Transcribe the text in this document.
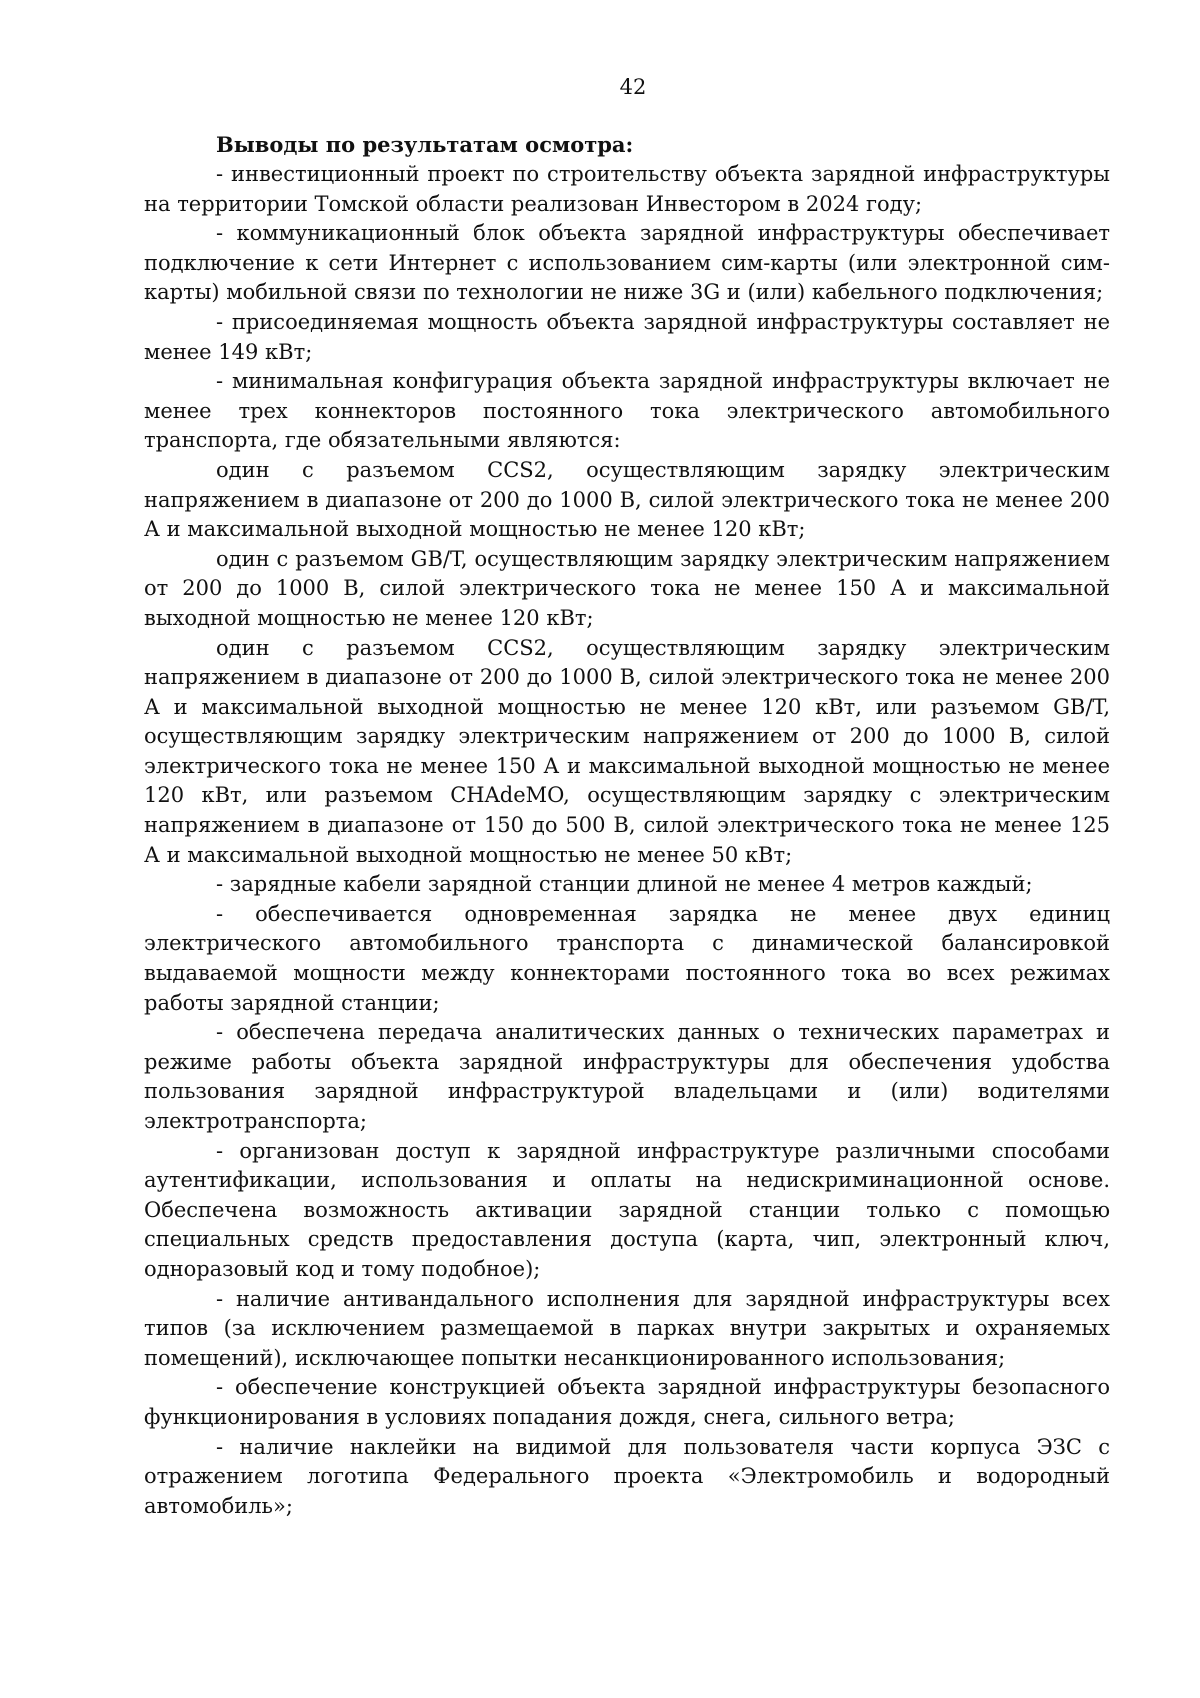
42

Выводы по результатам осмотра:

- инвестиционный проект по строительству объекта зарядной инфраструктуры на территории Томской области реализован Инвестором в 2024 году;

- коммуникационный блок объекта зарядной инфраструктуры обеспечивает подключение к сети Интернет с использованием сим-карты (или электронной сим-карты) мобильной связи по технологии не ниже 3G и (или) кабельного подключения;

- присоединяемая мощность объекта зарядной инфраструктуры составляет не менее 149 кВт;

- минимальная конфигурация объекта зарядной инфраструктуры включает не менее трех коннекторов постоянного тока электрического автомобильного транспорта, где обязательными являются:

один с разъемом CCS2, осуществляющим зарядку электрическим напряжением в диапазоне от 200 до 1000 В, силой электрического тока не менее 200 А и максимальной выходной мощностью не менее 120 кВт;

один с разъемом GB/T, осуществляющим зарядку электрическим напряжением от 200 до 1000 В, силой электрического тока не менее 150 А и максимальной выходной мощностью не менее 120 кВт;

один с разъемом CCS2, осуществляющим зарядку электрическим напряжением в диапазоне от 200 до 1000 В, силой электрического тока не менее 200 А и максимальной выходной мощностью не менее 120 кВт, или разъемом GB/T, осуществляющим зарядку электрическим напряжением от 200 до 1000 В, силой электрического тока не менее 150 А и максимальной выходной мощностью не менее 120 кВт, или разъемом CHAdeMO, осуществляющим зарядку с электрическим напряжением в диапазоне от 150 до 500 В, силой электрического тока не менее 125 А и максимальной выходной мощностью не менее 50 кВт;

- зарядные кабели зарядной станции длиной не менее 4 метров каждый;

- обеспечивается одновременная зарядка не менее двух единиц электрического автомобильного транспорта с динамической балансировкой выдаваемой мощности между коннекторами постоянного тока во всех режимах работы зарядной станции;

- обеспечена передача аналитических данных о технических параметрах и режиме работы объекта зарядной инфраструктуры для обеспечения удобства пользования зарядной инфраструктурой владельцами и (или) водителями электротранспорта;

- организован доступ к зарядной инфраструктуре различными способами аутентификации, использования и оплаты на недискриминационной основе. Обеспечена возможность активации зарядной станции только с помощью специальных средств предоставления доступа (карта, чип, электронный ключ, одноразовый код и тому подобное);

- наличие антивандального исполнения для зарядной инфраструктуры всех типов (за исключением размещаемой в парках внутри закрытых и охраняемых помещений), исключающее попытки несанкционированного использования;

- обеспечение конструкцией объекта зарядной инфраструктуры безопасного функционирования в условиях попадания дождя, снега, сильного ветра;

- наличие наклейки на видимой для пользователя части корпуса ЭЗС с отражением логотипа Федерального проекта «Электромобиль и водородный автомобиль»;
